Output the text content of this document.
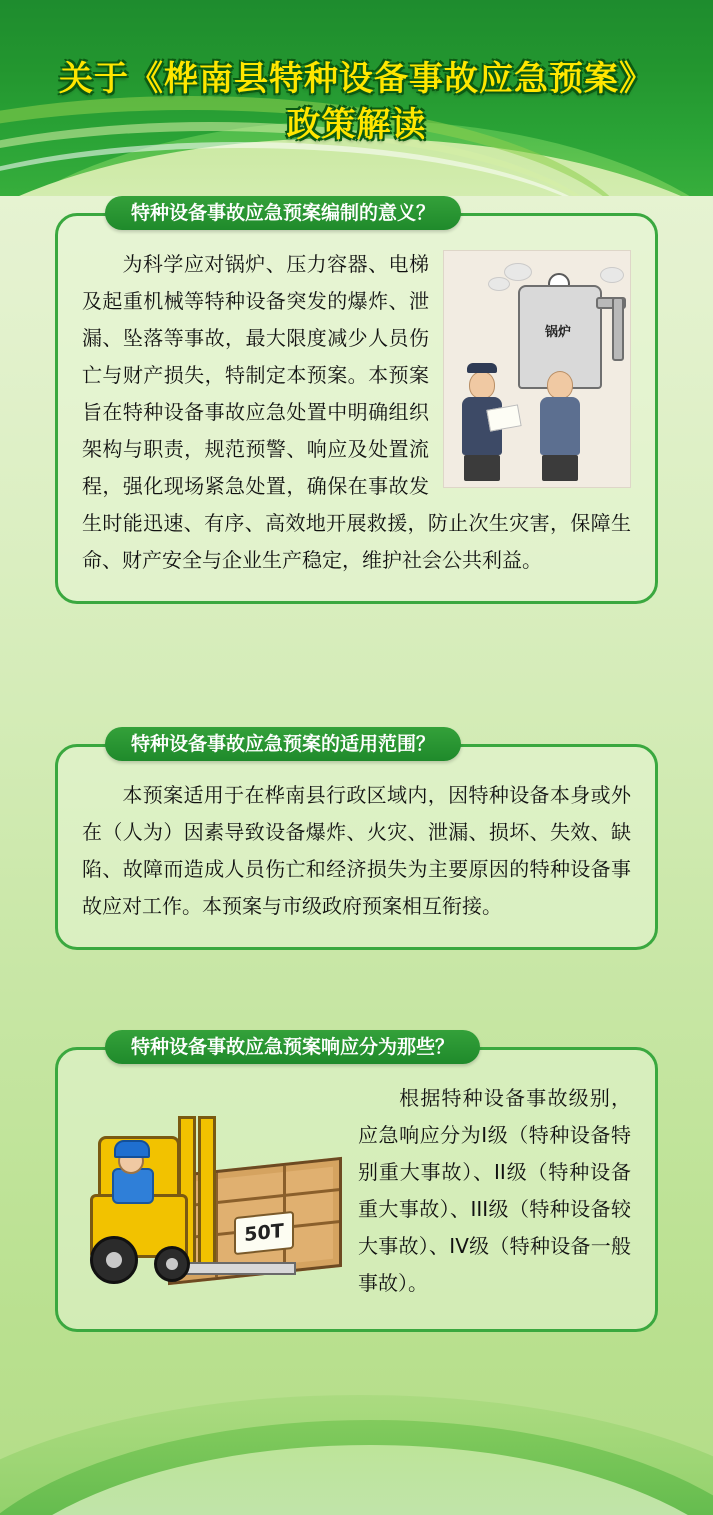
关于《桦南县特种设备事故应急预案》
政策解读
特种设备事故应急预案编制的意义？
锅炉
为科学应对锅炉、压力容器、电梯及起重机械等特种设备突发的爆炸、泄漏、坠落等事故，最大限度减少人员伤亡与财产损失，特制定本预案。本预案旨在特种设备事故应急处置中明确组织架构与职责，规范预警、响应及处置流程，强化现场紧急处置，确保在事故发生时能迅速、有序、高效地开展救援，防止次生灾害，保障生命、财产安全与企业生产稳定，维护社会公共利益。
特种设备事故应急预案的适用范围？
本预案适用于在桦南县行政区域内，因特种设备本身或外在（人为）因素导致设备爆炸、火灾、泄漏、损坏、失效、缺陷、故障而造成人员伤亡和经济损失为主要原因的特种设备事故应对工作。本预案与市级政府预案相互衔接。
特种设备事故应急预案响应分为那些？
50T
根据特种设备事故级别，应急响应分为I级（特种设备特别重大事故）、II级（特种设备重大事故）、III级（特种设备较大事故）、IV级（特种设备一般事故）。
